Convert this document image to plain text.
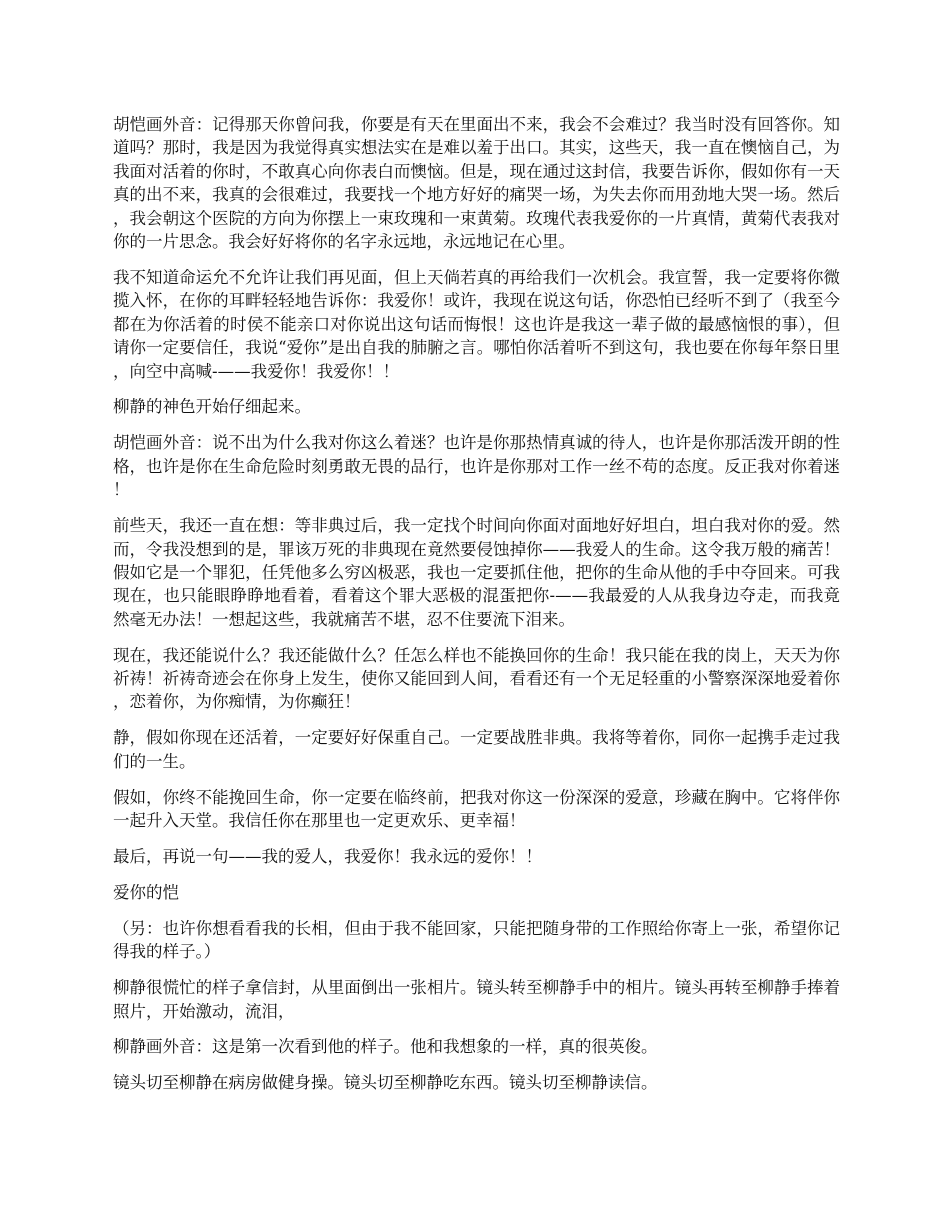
胡恺画外音：记得那天你曾问我，你要是有天在里面出不来，我会不会难过？我当时没有回答你。知道吗？那时，我是因为我觉得真实想法实在是难以羞于出口。其实，这些天，我一直在懊恼自己，为我面对活着的你时，不敢真心向你表白而懊恼。但是，现在通过这封信，我要告诉你，假如你有一天真的出不来，我真的会很难过，我要找一个地方好好的痛哭一场，为失去你而用劲地大哭一场。然后，我会朝这个医院的方向为你摆上一束玫瑰和一束黄菊。玫瑰代表我爱你的一片真情，黄菊代表我对你的一片思念。我会好好将你的名字永远地，永远地记在心里。

我不知道命运允不允许让我们再见面，但上天倘若真的再给我们一次机会。我宣誓，我一定要将你微揽入怀，在你的耳畔轻轻地告诉你：我爱你！或许，我现在说这句话，你恐怕已经听不到了（我至今都在为你活着的时侯不能亲口对你说出这句话而悔恨！这也许是我这一辈子做的最感恼恨的事），但请你一定要信任，我说“爱你”是出自我的肺腑之言。哪怕你活着听不到这句，我也要在你每年祭日里，向空中高喊-——我爱你！我爱你！！

柳静的神色开始仔细起来。

胡恺画外音：说不出为什么我对你这么着迷？也许是你那热情真诚的待人，也许是你那活泼开朗的性格，也许是你在生命危险时刻勇敢无畏的品行，也许是你那对工作一丝不苟的态度。反正我对你着迷！

前些天，我还一直在想：等非典过后，我一定找个时间向你面对面地好好坦白，坦白我对你的爱。然而，令我没想到的是，罪该万死的非典现在竟然要侵蚀掉你——我爱人的生命。这令我万般的痛苦！假如它是一个罪犯，任凭他多么穷凶极恶，我也一定要抓住他，把你的生命从他的手中夺回来。可我现在，也只能眼睁睁地看着，看着这个罪大恶极的混蛋把你-——我最爱的人从我身边夺走，而我竟然毫无办法！一想起这些，我就痛苦不堪，忍不住要流下泪来。

现在，我还能说什么？我还能做什么？任怎么样也不能换回你的生命！我只能在我的岗上，天天为你祈祷！祈祷奇迹会在你身上发生，使你又能回到人间，看看还有一个无足轻重的小警察深深地爱着你，恋着你，为你痴情，为你癫狂！

静，假如你现在还活着，一定要好好保重自己。一定要战胜非典。我将等着你，同你一起携手走过我们的一生。

假如，你终不能挽回生命，你一定要在临终前，把我对你这一份深深的爱意，珍藏在胸中。它将伴你一起升入天堂。我信任你在那里也一定更欢乐、更幸福！

最后，再说一句——我的爱人，我爱你！我永远的爱你！！

爱你的恺

（另：也许你想看看我的长相，但由于我不能回家，只能把随身带的工作照给你寄上一张，希望你记得我的样子。）

柳静很慌忙的样子拿信封，从里面倒出一张相片。镜头转至柳静手中的相片。镜头再转至柳静手捧着照片，开始激动，流泪，

柳静画外音：这是第一次看到他的样子。他和我想象的一样，真的很英俊。

镜头切至柳静在病房做健身操。镜头切至柳静吃东西。镜头切至柳静读信。
